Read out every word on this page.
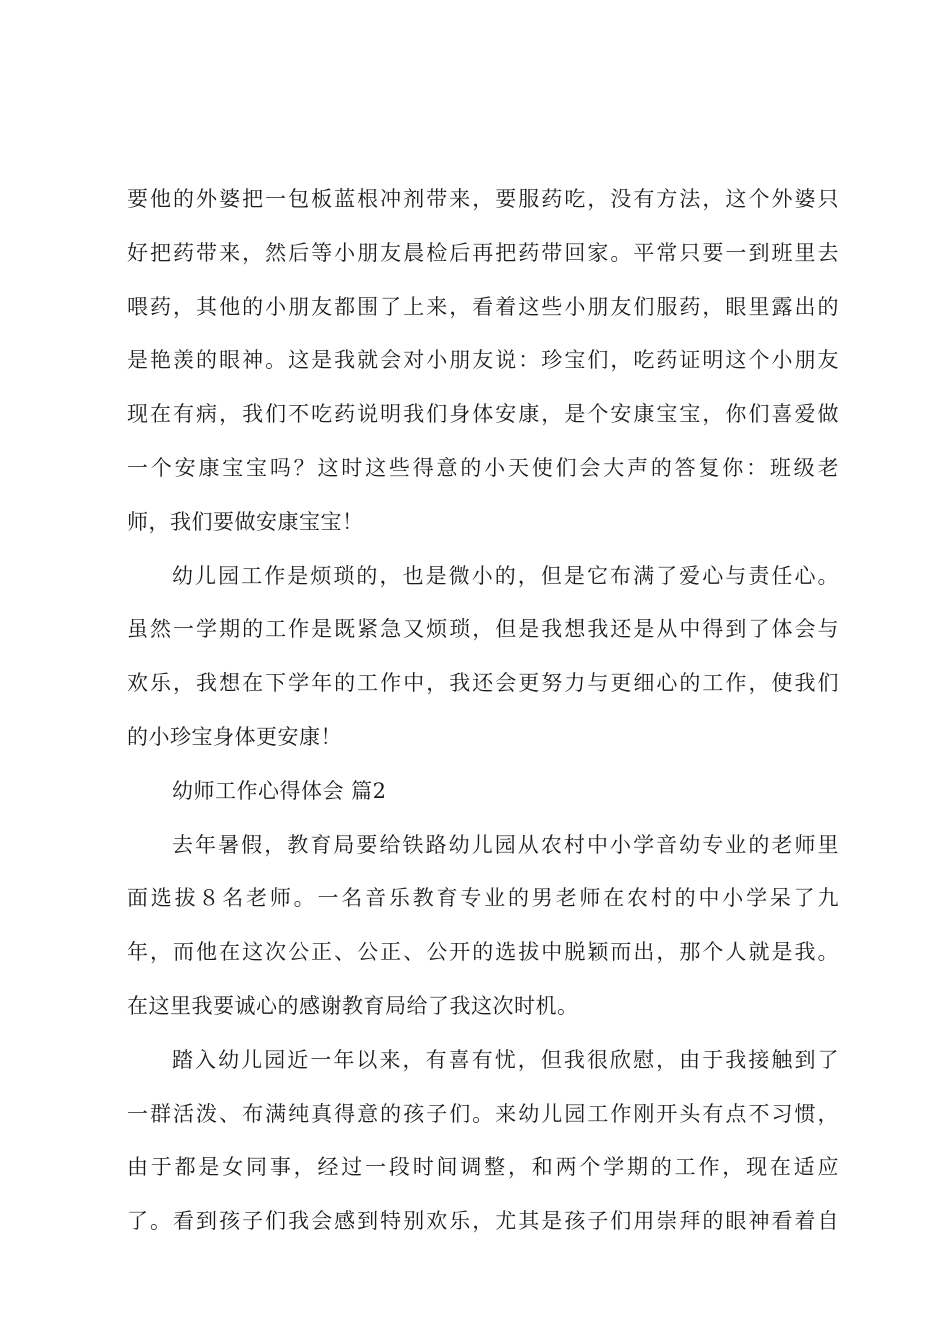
要他的外婆把一包板蓝根冲剂带来，要服药吃，没有方法，这个外婆只
好把药带来，然后等小朋友晨检后再把药带回家。平常只要一到班里去
喂药，其他的小朋友都围了上来，看着这些小朋友们服药，眼里露出的
是艳羡的眼神。这是我就会对小朋友说：珍宝们，吃药证明这个小朋友
现在有病，我们不吃药说明我们身体安康，是个安康宝宝，你们喜爱做
一个安康宝宝吗？这时这些得意的小天使们会大声的答复你：班级老
师，我们要做安康宝宝！
幼儿园工作是烦琐的，也是微小的，但是它布满了爱心与责任心。
虽然一学期的工作是既紧急又烦琐，但是我想我还是从中得到了体会与
欢乐，我想在下学年的工作中，我还会更努力与更细心的工作，使我们
的小珍宝身体更安康！
幼师工作心得体会 篇2
去年暑假，教育局要给铁路幼儿园从农村中小学音幼专业的老师里
面选拔８名老师。一名音乐教育专业的男老师在农村的中小学呆了九
年，而他在这次公正、公正、公开的选拔中脱颖而出，那个人就是我。
在这里我要诚心的感谢教育局给了我这次时机。
踏入幼儿园近一年以来，有喜有忧，但我很欣慰，由于我接触到了
一群活泼、布满纯真得意的孩子们。来幼儿园工作刚开头有点不习惯，
由于都是女同事，经过一段时间调整，和两个学期的工作，现在适应
了。看到孩子们我会感到特别欢乐，尤其是孩子们用崇拜的眼神看着自
